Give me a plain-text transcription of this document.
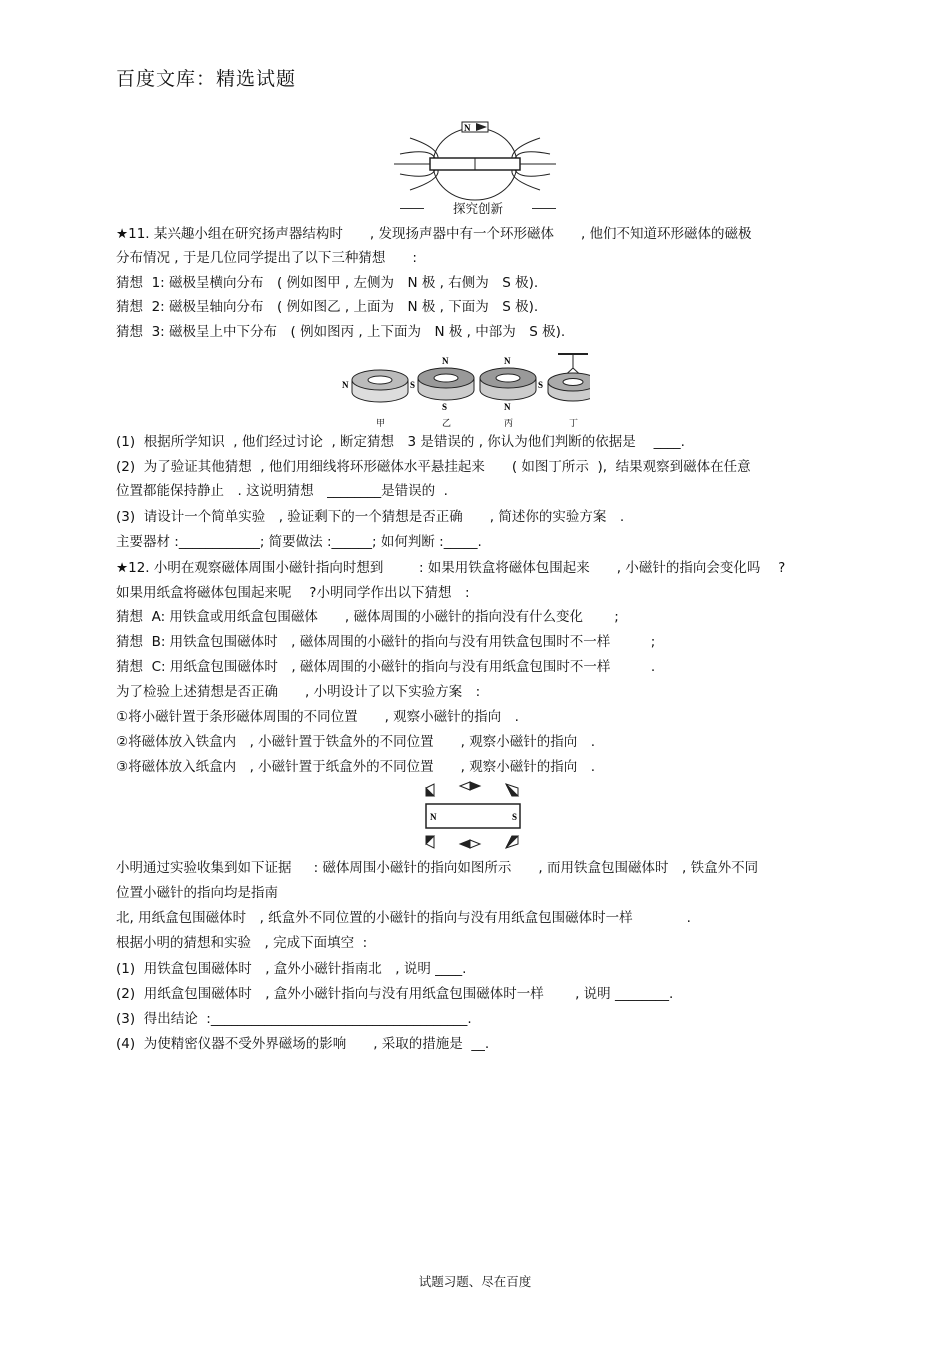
百度文库：精选试题
N
探究创新
★11. 某兴趣小组在研究扬声器结构时　　, 发现扬声器中有一个环形磁体　　, 他们不知道环形磁体的磁极
分布情况 , 于是几位同学提出了以下三种猜想　　:
猜想  1: 磁极呈横向分布　( 例如图甲 , 左侧为　N 极 , 右侧为　S 极).
猜想  2: 磁极呈轴向分布　( 例如图乙 , 上面为　N 极 , 下面为　S 极).
猜想  3: 磁极呈上中下分布　( 例如图丙 , 上下面为　N 极 , 中部为　S 极).
(1)  根据所学知识  , 他们经过讨论  , 断定猜想　3 是错误的 , 你认为他们判断的依据是　 ____.
(2)  为了验证其他猜想  , 他们用细线将环形磁体水平悬挂起来　　( 如图丁所示  ),  结果观察到磁体在任意
位置都能保持静止　. 这说明猜想　________是错误的  .
(3)  请设计一个简单实验　, 验证剩下的一个猜想是否正确　　, 简述你的实验方案　.
主要器材 :____________; 简要做法 :______; 如何判断 :_____.
★12. 小明在观察磁体周围小磁针指向时想到　　  : 如果用铁盒将磁体包围起来　　, 小磁针的指向会变化吗　 ?
如果用纸盒将磁体包围起来呢　 ?小明同学作出以下猜想　:
猜想  A: 用铁盒或用纸盒包围磁体　　, 磁体周围的小磁针的指向没有什么变化　　 ;
猜想  B: 用铁盒包围磁体时　, 磁体周围的小磁针的指向与没有用铁盒包围时不一样　　　;
猜想  C: 用纸盒包围磁体时　, 磁体周围的小磁针的指向与没有用纸盒包围时不一样　　　.
为了检验上述猜想是否正确　　, 小明设计了以下实验方案　:
①将小磁针置于条形磁体周围的不同位置　　, 观察小磁针的指向　.
②将磁体放入铁盒内　, 小磁针置于铁盒外的不同位置　　, 观察小磁针的指向　.
③将磁体放入纸盒内　, 小磁针置于纸盒外的不同位置　　, 观察小磁针的指向　.
小明通过实验收集到如下证据　  : 磁体周围小磁针的指向如图所示　　, 而用铁盒包围磁体时　, 铁盒外不同
位置小磁针的指向均是指南
北, 用纸盒包围磁体时　, 纸盒外不同位置的小磁针的指向与没有用纸盒包围磁体时一样　　　　.
根据小明的猜想和实验　, 完成下面填空  :
(1)  用铁盒包围磁体时　, 盒外小磁针指南北　, 说明 ____.
(2)  用纸盒包围磁体时　, 盒外小磁针指向与没有用纸盒包围磁体时一样　　 , 说明 ________.
(3)  得出结论  :______________________________________.
(4)  为使精密仪器不受外界磁场的影响　　, 采取的措施是  __.
N	S
N
S
N
N
S
甲	乙	丙	丁
N	S
试题习题、尽在百度
